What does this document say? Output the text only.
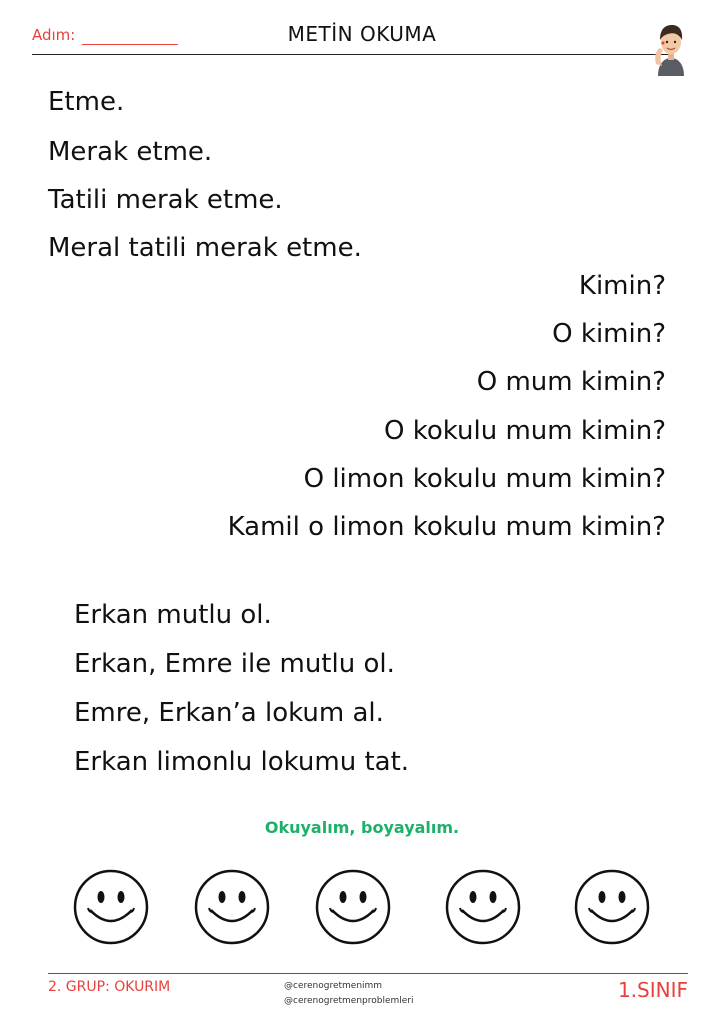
Adım:	METİN OKUMA
Etme.
Merak etme.
Tatili merak etme.
Meral tatili merak etme.
Kimin?
O kimin?
O mum kimin?
O kokulu mum kimin?
O limon kokulu mum kimin?
Kamil o limon kokulu mum kimin?
Erkan mutlu ol.
Erkan, Emre ile mutlu ol.
Emre, Erkan’a lokum al.
Erkan limonlu lokumu tat.
Okuyalım, boyayalım.
2. GRUP: OKURIM	@cerenogretmenimm
@cerenogretmenproblemleri	1.SINIF
